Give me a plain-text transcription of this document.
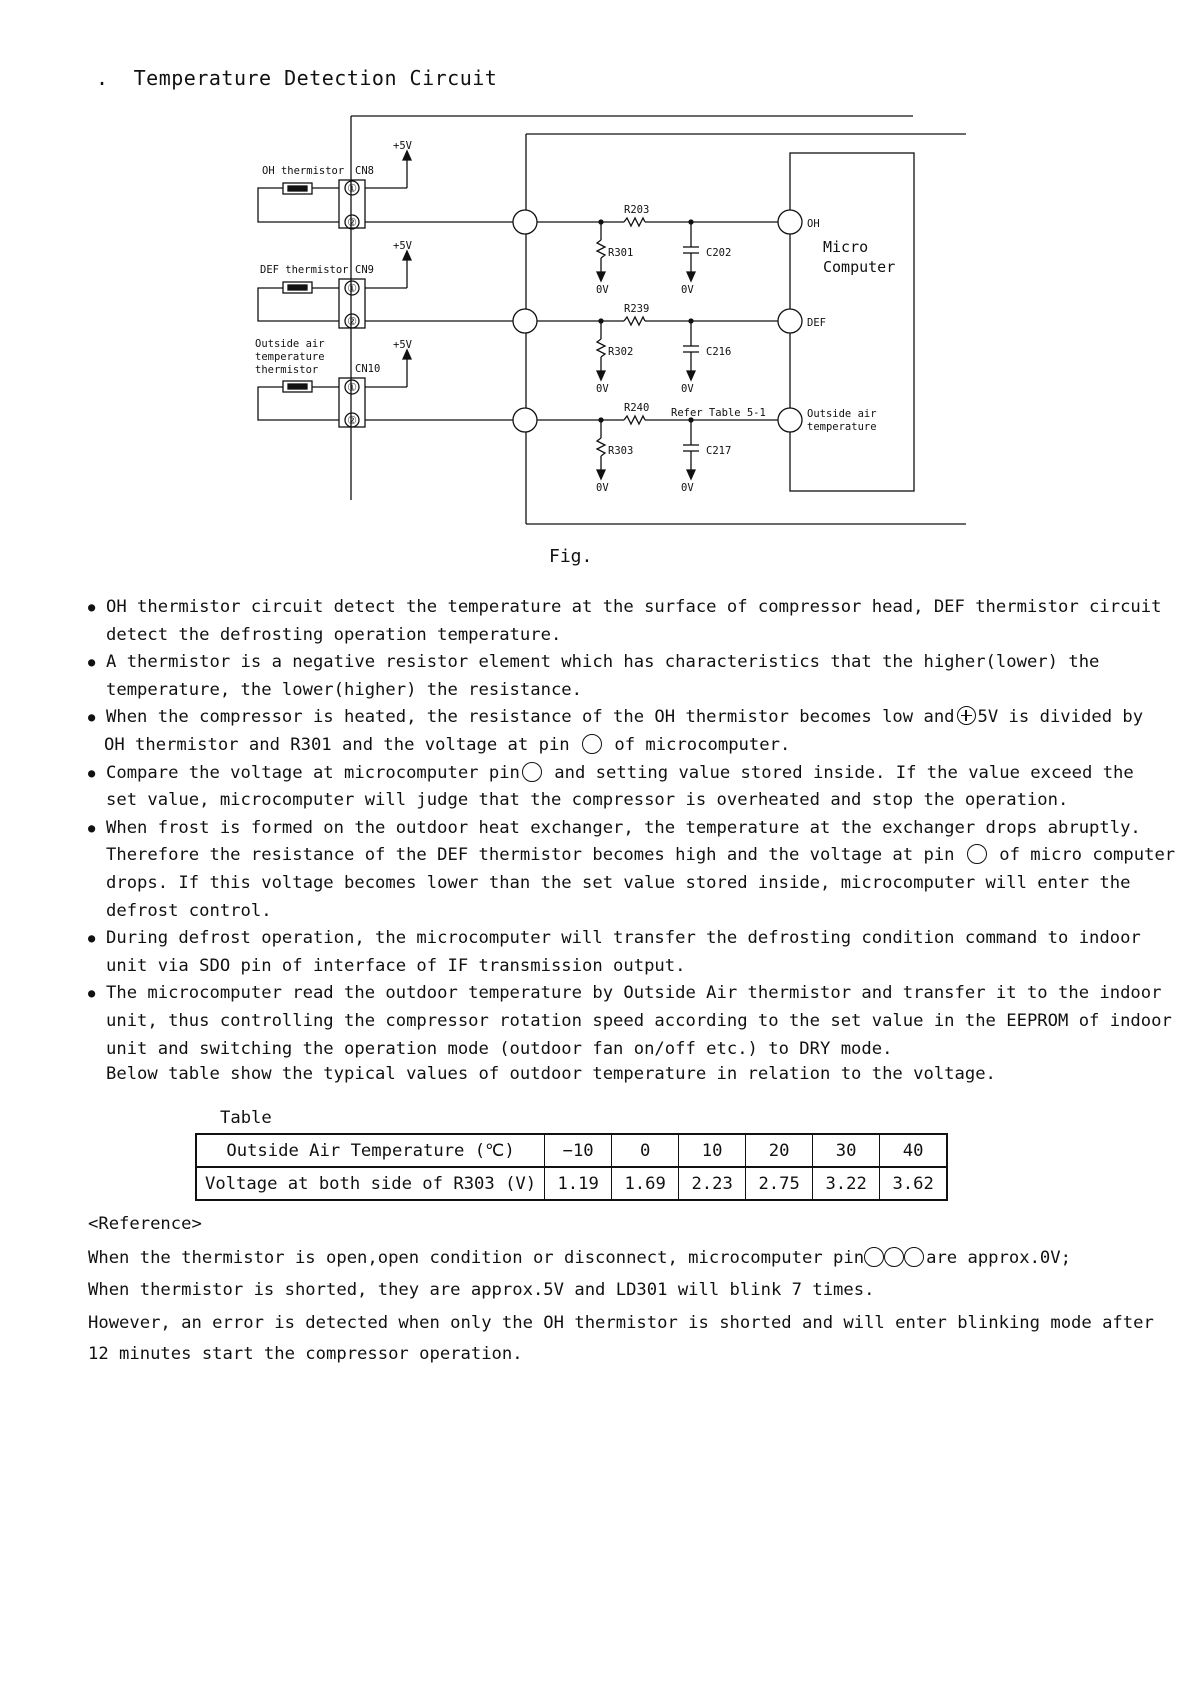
.  Temperature Detection Circuit
+5V
+5V
+5V
OH thermistor
DEF thermistor
Outside air
temperature
thermistor
CN8
CN9
CN10
R203
R239
R240
R301
R302
R303
C202
C216
C217
0V	0V
0V	0V
0V	0V
Refer Table 5-1
OH
DEF
Outside air
temperature
①
②
①
②
①
②
Micro
Computer
Fig.
● OH thermistor circuit detect the temperature at the surface of compressor head, DEF thermistor circuit
detect the defrosting operation temperature.
● A thermistor is a negative resistor element which has characteristics that the higher(lower) the
temperature, the lower(higher) the resistance.
● When the compressor is heated, the resistance of the OH thermistor becomes low and 5V is divided by
OH thermistor and R301 and the voltage at pin	of microcomputer.
● Compare the voltage at microcomputer pin and setting value stored inside. If the value exceed the
set value, microcomputer will judge that the compressor is overheated and stop the operation.
● When frost is formed on the outdoor heat exchanger, the temperature at the exchanger drops abruptly.
Therefore the resistance of the DEF thermistor becomes high and the voltage at pin	of micro computer
drops. If this voltage becomes lower than the set value stored inside, microcomputer will enter the
defrost control.
● During defrost operation, the microcomputer will transfer the defrosting condition command to indoor
unit via SDO pin of interface of IF transmission output.
● The microcomputer read the outdoor temperature by Outside Air thermistor and transfer it to the indoor
unit, thus controlling the compressor rotation speed according to the set value in the EEPROM of indoor
unit and switching the operation mode (outdoor fan on/off etc.) to DRY mode.
Below table show the typical values of outdoor temperature in relation to the voltage.
Table
Outside Air Temperature (℃)	−10	0	10	20	30	40
Voltage at both side of R303 (V)	1.19	1.69	2.23	2.75	3.22	3.62
<Reference>
When the thermistor is open,open condition or disconnect, microcomputer pin	are approx.0V;
When thermistor is shorted, they are approx.5V and LD301 will blink 7 times.
However, an error is detected when only the OH thermistor is shorted and will enter blinking mode after
12 minutes start the compressor operation.
